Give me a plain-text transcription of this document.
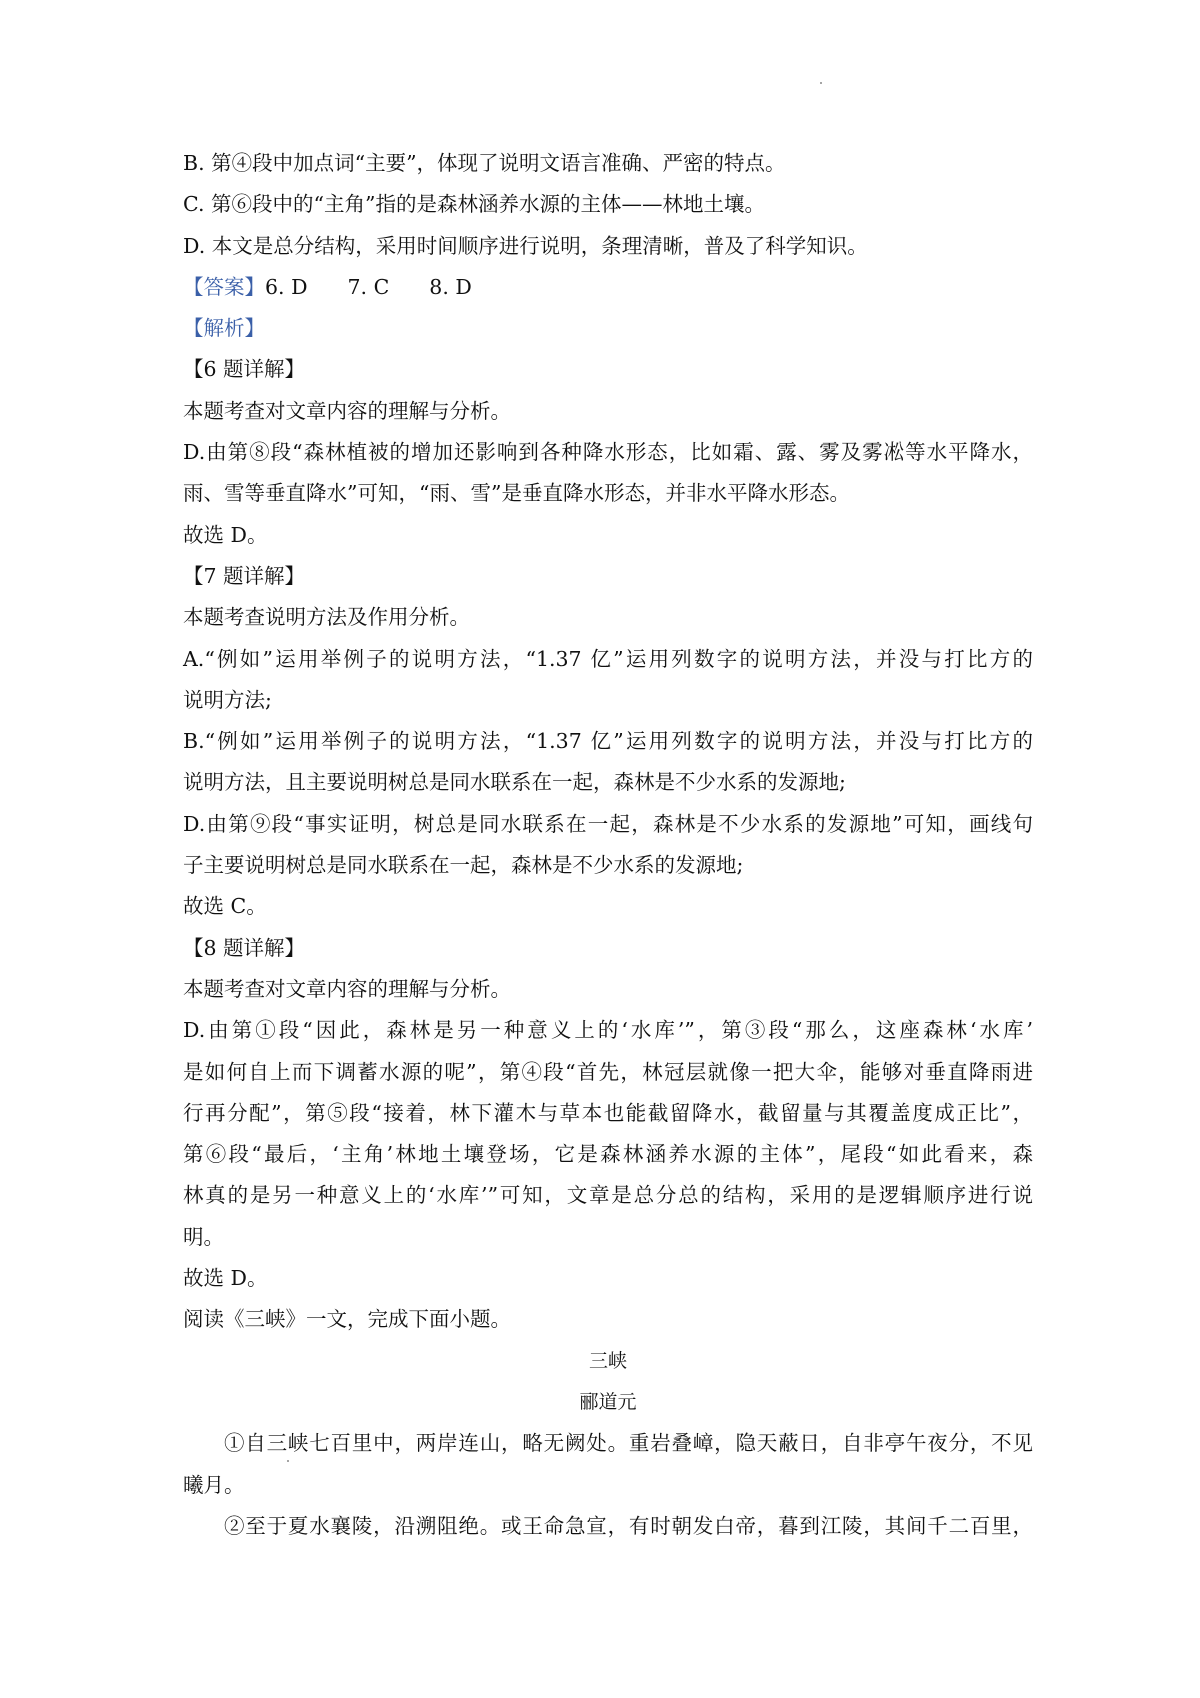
B. 第④段中加点词“主要”，体现了说明文语言准确、严密的特点。
C. 第⑥段中的“主角”指的是森林涵养水源的主体——林地土壤。
D. 本文是总分结构，采用时间顺序进行说明，条理清晰，普及了科学知识。
【答案】6. D 7. C 8. D
【解析】
【6 题详解】
本题考查对文章内容的理解与分析。
D.由第⑧段“森林植被的增加还影响到各种降水形态，比如霜、露、雾及雾凇等水平降水，
雨、雪等垂直降水”可知，“雨、雪”是垂直降水形态，并非水平降水形态。
故选 D。
【7 题详解】
本题考查说明方法及作用分析。
A.“例如”运用举例子的说明方法，“1.37 亿”运用列数字的说明方法，并没与打比方的
说明方法;
B.“例如”运用举例子的说明方法，“1.37 亿”运用列数字的说明方法，并没与打比方的
说明方法，且主要说明树总是同水联系在一起，森林是不少水系的发源地;
D.由第⑨段“事实证明，树总是同水联系在一起，森林是不少水系的发源地”可知，画线句
子主要说明树总是同水联系在一起，森林是不少水系的发源地;
故选 C。
【8 题详解】
本题考查对文章内容的理解与分析。
D.由第①段“因此，森林是另一种意义上的‘水库’”，第③段“那么，这座森林‘水库’
是如何自上而下调蓄水源的呢”，第④段“首先，林冠层就像一把大伞，能够对垂直降雨进
行再分配”，第⑤段“接着，林下灌木与草本也能截留降水，截留量与其覆盖度成正比”，
第⑥段“最后，‘主角’林地土壤登场，它是森林涵养水源的主体”，尾段“如此看来，森
林真的是另一种意义上的‘水库’”可知，文章是总分总的结构，采用的是逻辑顺序进行说
明。
故选 D。
阅读《三峡》一文，完成下面小题。
三峡
郦道元
①自三峡七百里中，两岸连山，略无阙处。重岩叠嶂，隐天蔽日，自非亭午夜分，不见
曦月。
②至于夏水襄陵，沿溯阻绝。或王命急宣，有时朝发白帝，暮到江陵，其间千二百里，
